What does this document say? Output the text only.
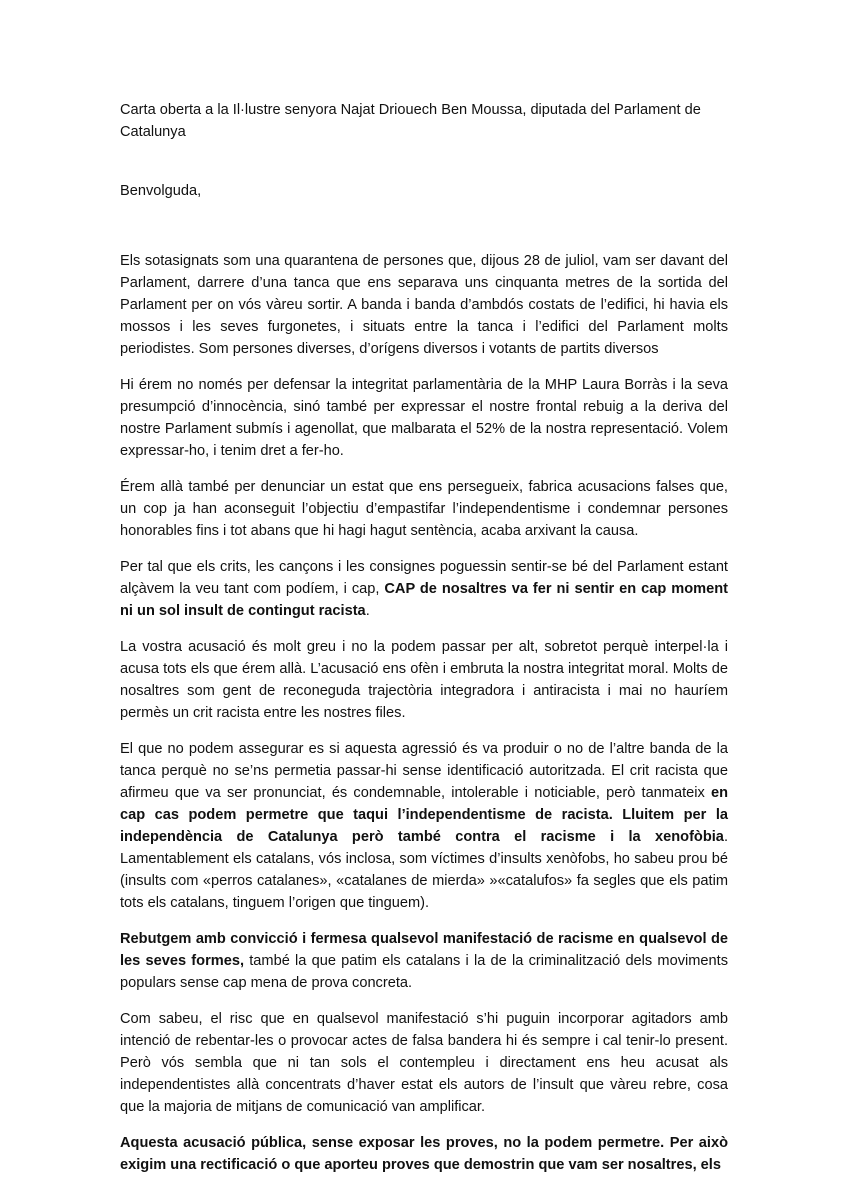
Carta oberta a la Il·lustre senyora Najat Driouech Ben Moussa, diputada del Parlament de Catalunya

Benvolguda,

Els sotasignats som una quarantena de persones que, dijous 28 de juliol, vam ser davant del Parlament, darrere d’una tanca que ens separava uns cinquanta metres de la sortida del Parlament per on vós vàreu sortir. A banda i banda d’ambdós costats de l’edifici, hi havia els mossos i les seves furgonetes, i situats entre la tanca i l’edifici del Parlament molts periodistes. Som persones diverses, d’orígens diversos i votants de partits diversos

Hi érem no només per defensar la integritat parlamentària de la MHP Laura Borràs i la seva presumpció d’innocència, sinó també per expressar el nostre frontal rebuig a la deriva del nostre Parlament submís i agenollat, que malbarata el 52% de la nostra representació. Volem expressar-ho, i tenim dret a fer-ho.

Érem allà també per denunciar un estat que ens persegueix, fabrica acusacions falses que, un cop ja han aconseguit l’objectiu d’empastifar l’independentisme i condemnar persones honorables fins i tot abans que hi hagi hagut sentència, acaba arxivant la causa.

Per tal que els crits, les cançons i les consignes poguessin sentir-se bé del Parlament estant alçàvem la veu tant com podíem, i cap, CAP de nosaltres va fer ni sentir en cap moment ni un sol insult de contingut racista.

La vostra acusació és molt greu i no la podem passar per alt, sobretot perquè interpel·la i acusa tots els que érem allà. L’acusació ens ofèn i embruta la nostra integritat moral. Molts de nosaltres som gent de reconeguda trajectòria integradora i antiracista i mai no hauríem permès un crit racista entre les nostres files.

El que no podem assegurar es si aquesta agressió és va produir o no de l’altre banda de la tanca perquè no se’ns permetia passar-hi sense identificació autoritzada. El crit racista que afirmeu que va ser pronunciat, és condemnable, intolerable i noticiable, però tanmateix en cap cas podem permetre que taqui l’independentisme de racista. Lluitem per la independència de Catalunya però també contra el racisme i la xenofòbia. Lamentablement els catalans, vós inclosa, som víctimes d’insults xenòfobs, ho sabeu prou bé (insults com «perros catalanes», «catalanes de mierda» »«catalufos» fa segles que els patim tots els catalans, tinguem l’origen que tinguem).

Rebutgem amb convicció i fermesa qualsevol manifestació de racisme en qualsevol de les seves formes, també la que patim els catalans i la de la criminalització dels moviments populars sense cap mena de prova concreta.

Com sabeu, el risc que en qualsevol manifestació s’hi puguin incorporar agitadors amb intenció de rebentar-les o provocar actes de falsa bandera hi és sempre i cal tenir-lo present. Però vós sembla que ni tan sols el contempleu i directament ens heu acusat als independentistes allà concentrats d’haver estat els autors de l’insult que vàreu rebre, cosa que la majoria de mitjans de comunicació van amplificar.

Aquesta acusació pública, sense exposar les proves, no la podem permetre. Per això exigim una rectificació o que aporteu proves que demostrin que vam ser nosaltres, els
